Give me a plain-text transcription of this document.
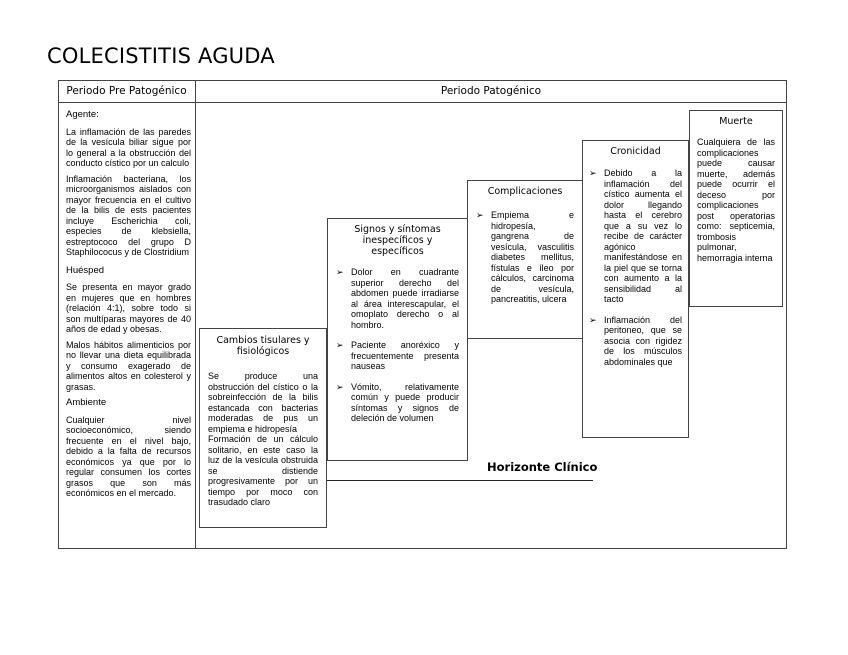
COLECISTITIS AGUDA
Periodo Pre Patogénico	Periodo Patogénico

Agente:

La inflamación de las paredes de la vesícula biliar sigue por lo general a la obstrucción del conducto cístico por un calculo

Inflamación bacteriana, los microorganismos aislados con mayor frecuencia en el cultivo de la bilis de ests pacientes incluye Escherichia coli, especies de klebsiella, estreptococo del grupo D Staphilococus y de Clostridium

Huésped

Se presenta en mayor grado en mujeres que en hombres (relación 4:1), sobre todo si son multíparas mayores de 40 años de edad y obesas.

Malos hábitos alimenticios por no llevar una dieta equilibrada y consumo exagerado de alimentos altos en colesterol y grasas.

Ambiente

Cualquier nivel socioeconómico, siendo frecuente en el nivel bajo, debido a la falta de recursos económicos ya que por lo regular consumen los cortes grasos que son más económicos en el mercado.

Horizonte Clínico
Cambios tisulares y fisiológicos
Se produce una obstrucción del cístico o la sobreinfección de la bilis estancada con bacterias moderadas de pus un empiema e hidropesía
Formación de un cálculo solitario, en este caso la luz de la vesícula obstruida se distiende progresivamente por un tiempo por moco con trasudado claro
Signos y síntomas inespecíficos y específicos
➢ Dolor en cuadrante superior derecho del abdomen puede irradiarse al área interescapular, el omoplato derecho o al hombro.
➢ Paciente anoréxico y frecuentemente presenta nauseas
➢ Vómito, relativamente común y puede producir síntomas y signos de deleción de volumen
Complicaciones
➢ Empiema e hidropesía, gangrena de vesícula, vasculitis diabetes mellitus, fístulas e íleo por cálculos, carcinoma de vesícula, pancreatitis, ulcera
Cronicidad
➢ Debido a la inflamación del cístico aumenta el dolor llegando hasta el cerebro que a su vez lo recibe de carácter agónico manifestándose en la piel que se torna con aumento a la sensibilidad al tacto
➢ Inflamación del peritoneo, que se asocia con rigidez de los músculos abdominales que
Muerte
Cualquiera de las complicaciones puede causar muerte, además puede ocurrir el deceso por complicaciones post operatorias como: septicemia, trombosis pulmonar, hemorragia interna
